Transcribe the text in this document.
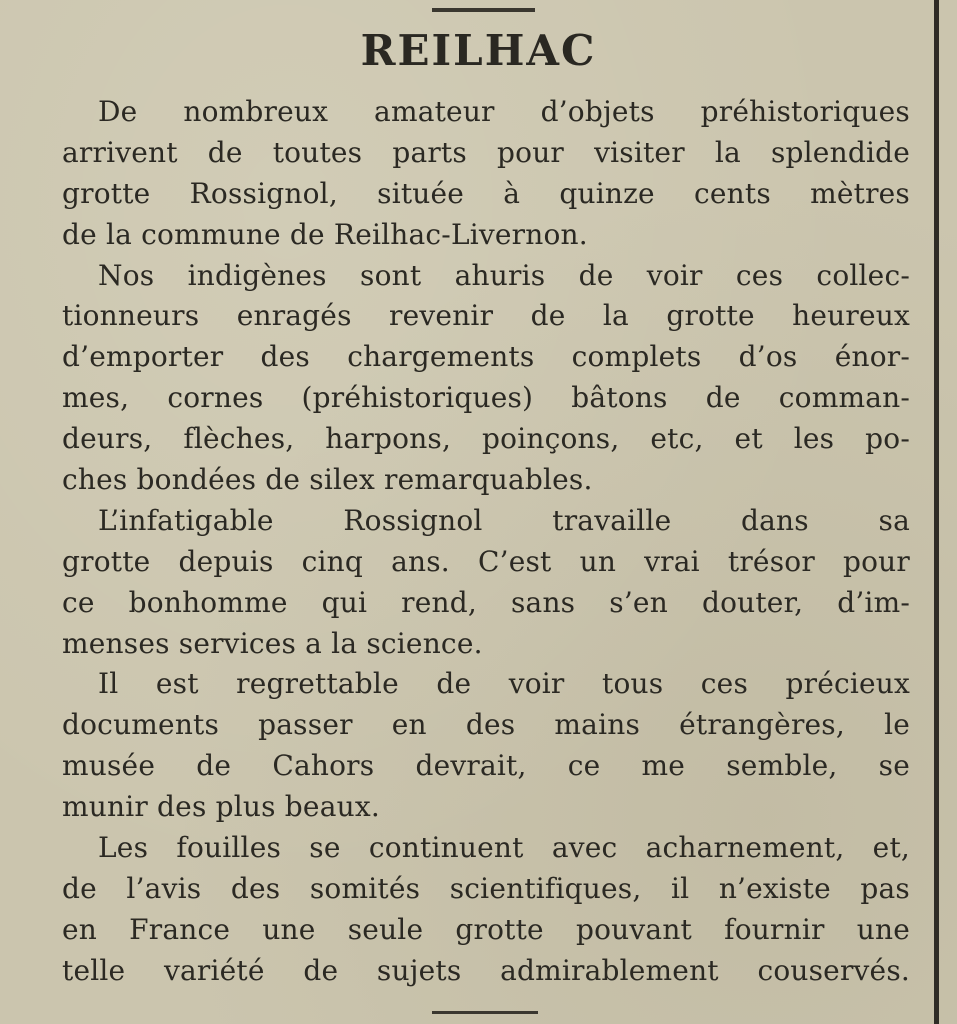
REILHAC
De nombreux amateur d’objets préhistoriques
arrivent de toutes parts pour visiter la splendide
grotte Rossignol, située à quinze cents mètres
de la commune de Reilhac-Livernon.
Nos indigènes sont ahuris de voir ces collec-
tionneurs enragés revenir de la grotte heureux
d’emporter des chargements complets d’os énor-
mes, cornes (préhistoriques) bâtons de comman-
deurs, flèches, harpons, poinçons, etc, et les po-
ches bondées de silex remarquables.
L’infatigable Rossignol travaille dans sa
grotte depuis cinq ans. C’est un vrai trésor pour
ce bonhomme qui rend, sans s’en douter, d’im-
menses services a la science.
Il est regrettable de voir tous ces précieux
documents passer en des mains étrangères, le
musée de Cahors devrait, ce me semble, se
munir des plus beaux.
Les fouilles se continuent avec acharnement, et,
de l’avis des somités scientifiques, il n’existe pas
en France une seule grotte pouvant fournir une
telle variété de sujets admirablement couservés.
